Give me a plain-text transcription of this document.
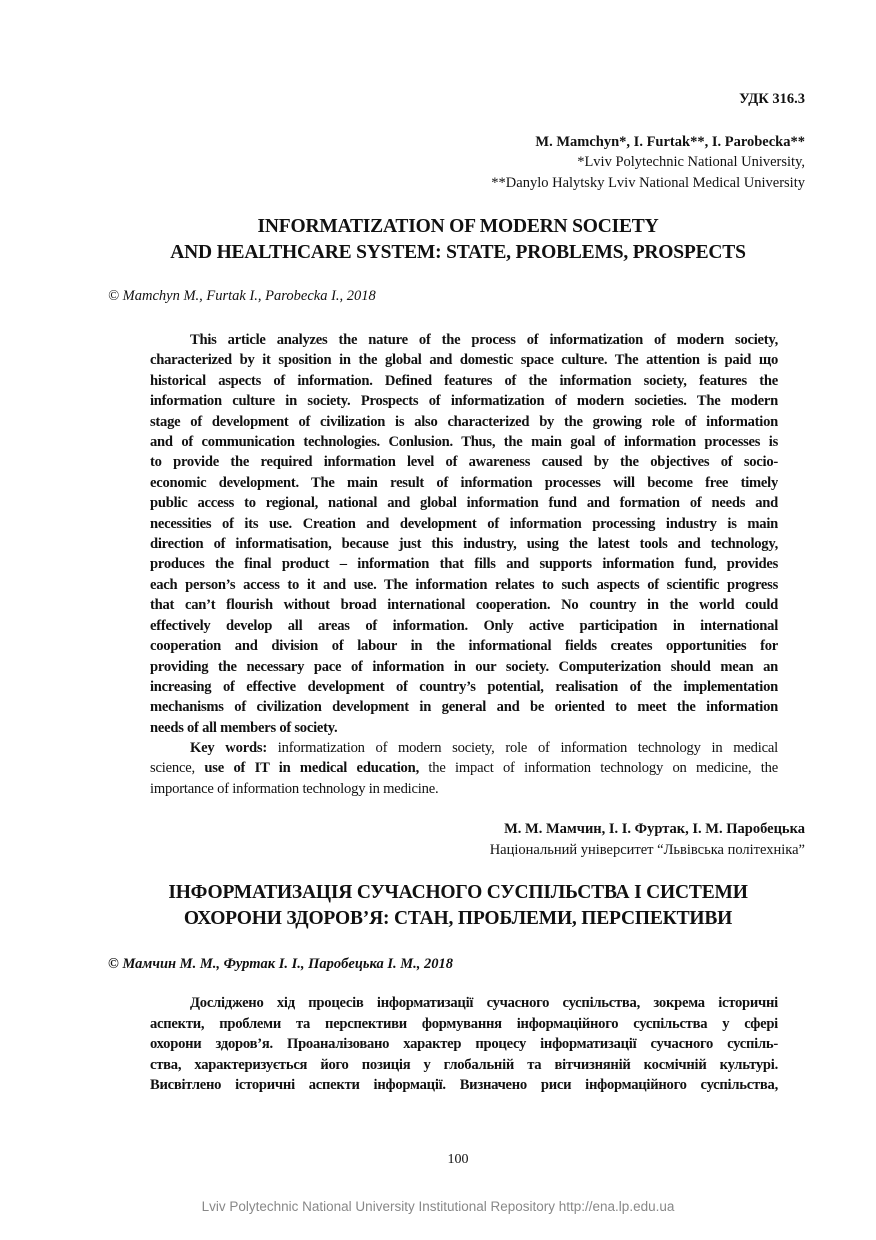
УДК 316.3
M. Mamchyn*, I. Furtak**, I. Parobecka**
*Lviv Polytechnic National University,
**Danylo Halytsky Lviv National Medical University
INFORMATIZATION OF MODERN SOCIETY
AND HEALTHCARE SYSTEM: STATE, PROBLEMS, PROSPECTS
© Mamchyn M., Furtak I., Parobecka I., 2018
This article analyzes the nature of the process of informatization of modern society,
characterized by it sposition in the global and domestic space culture. The attention is paid що
historical aspects of information. Defined features of the information society, features the
information culture in society. Prospects of informatization of modern societies. The modern
stage of development of civilization is also characterized by the growing role of information
and of communication technologies. Conlusion. Thus, the main goal of information processes is
to provide the required information level of awareness caused by the objectives of socio-
economic development. The main result of information processes will become free timely
public access to regional, national and global information fund and formation of needs and
necessities of its use. Creation and development of information processing industry is main
direction of informatisation, because just this industry, using the latest tools and technology,
produces the final product – information that fills and supports information fund, provides
each person’s access to it and use. The information relates to such aspects of scientific progress
that can’t flourish without broad international cooperation. No country in the world could
effectively develop all areas of information. Only active participation in international
cooperation and division of labour in the informational fields creates opportunities for
providing the necessary pace of information in our society. Computerization should mean an
increasing of effective development of country’s potential, realisation of the implementation
mechanisms of civilization development in general and be oriented to meet the information
needs of all members of society.
Key words: informatization of modern society, role of information technology in medical
science, use of IT in medical education, the impact of information technology on medicine, the
importance of information technology in medicine.
М. М. Мамчин, І. І. Фуртак, І. М. Паробецька
Національний університет “Львівська політехніка”
ІНФОРМАТИЗАЦІЯ СУЧАСНОГО СУСПІЛЬСТВА І СИСТЕМИ
ОХОРОНИ ЗДОРОВ’Я: СТАН, ПРОБЛЕМИ, ПЕРСПЕКТИВИ
© Мамчин М. М., Фуртак І. І., Паробецька І. М., 2018
Досліджено хід процесів інформатизації сучасного суспільства, зокрема історичні
аспекти, проблеми та перспективи формування інформаційного суспільства у сфері
охорони здоров’я. Проаналізовано характер процесу інформатизації сучасного суспіль-
ства, характеризується його позиція у глобальній та вітчизняній космічній культурі.
Висвітлено історичні аспекти інформації. Визначено риси інформаційного суспільства,
100
Lviv Polytechnic National University Institutional Repository http://ena.lp.edu.ua
